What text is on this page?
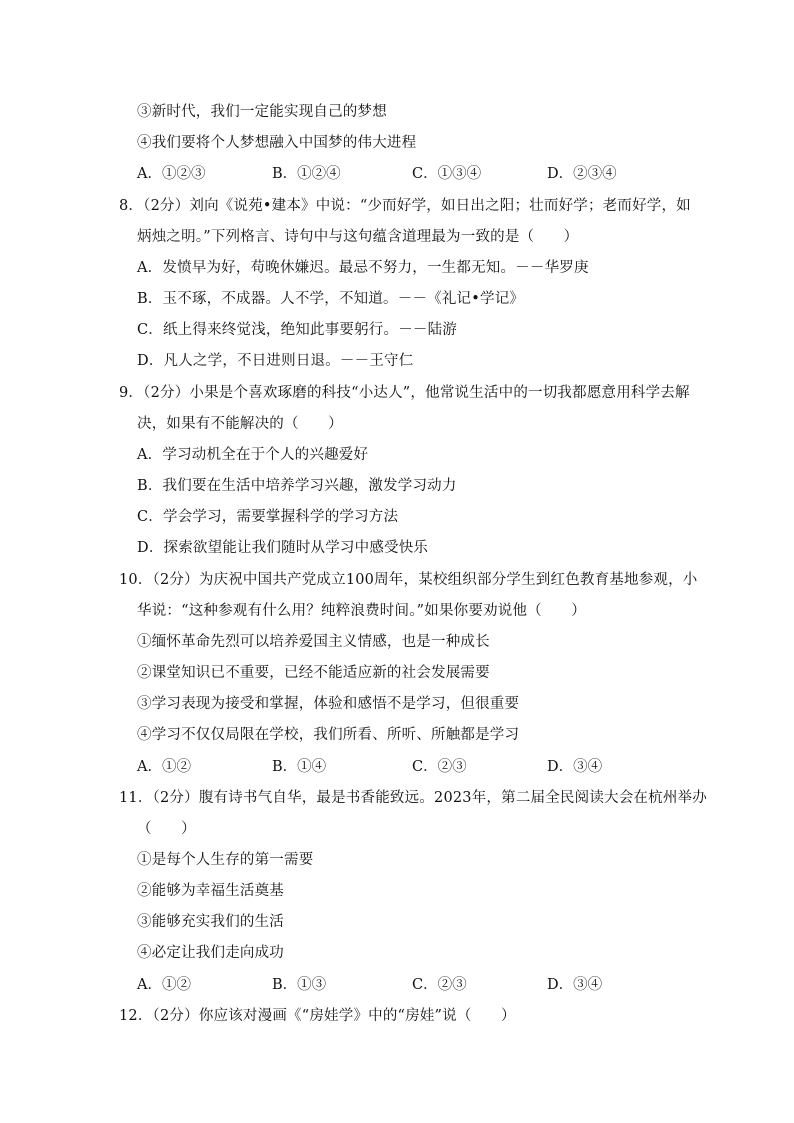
③新时代，我们一定能实现自己的梦想
④我们要将个人梦想融入中国梦的伟大进程
A．①②③	B．①②④	C．①③④	D．②③④
8．（2分）刘向《说苑•建本》中说：“少而好学，如日出之阳；壮而好学；老而好学，如
炳烛之明。”下列格言、诗句中与这句蕴含道理最为一致的是（　　）
A．发愤早为好，苟晚休嫌迟。最忌不努力，一生都无知。－－华罗庚
B．玉不琢，不成器。人不学，不知道。－－《礼记•学记》
C．纸上得来终觉浅，绝知此事要躬行。－－陆游
D．凡人之学，不日进则日退。－－王守仁
9．（2分）小果是个喜欢琢磨的科技“小达人”，他常说生活中的一切我都愿意用科学去解
决，如果有不能解决的（　　）
A．学习动机全在于个人的兴趣爱好
B．我们要在生活中培养学习兴趣，激发学习动力
C．学会学习，需要掌握科学的学习方法
D．探索欲望能让我们随时从学习中感受快乐
10．（2分）为庆祝中国共产党成立100周年，某校组织部分学生到红色教育基地参观，小
华说：“这种参观有什么用？纯粹浪费时间。”如果你要劝说他（　　）
①缅怀革命先烈可以培养爱国主义情感，也是一种成长
②课堂知识已不重要，已经不能适应新的社会发展需要
③学习表现为接受和掌握，体验和感悟不是学习，但很重要
④学习不仅仅局限在学校，我们所看、所听、所触都是学习
A．①②	B．①④	C．②③	D．③④
11．（2分）腹有诗书气自华，最是书香能致远。2023年，第二届全民阅读大会在杭州举办
（　　）
①是每个人生存的第一需要
②能够为幸福生活奠基
③能够充实我们的生活
④必定让我们走向成功
A．①②	B．①③	C．②③	D．③④
12．（2分）你应该对漫画《“房娃学》中的“房娃”说（　　）
